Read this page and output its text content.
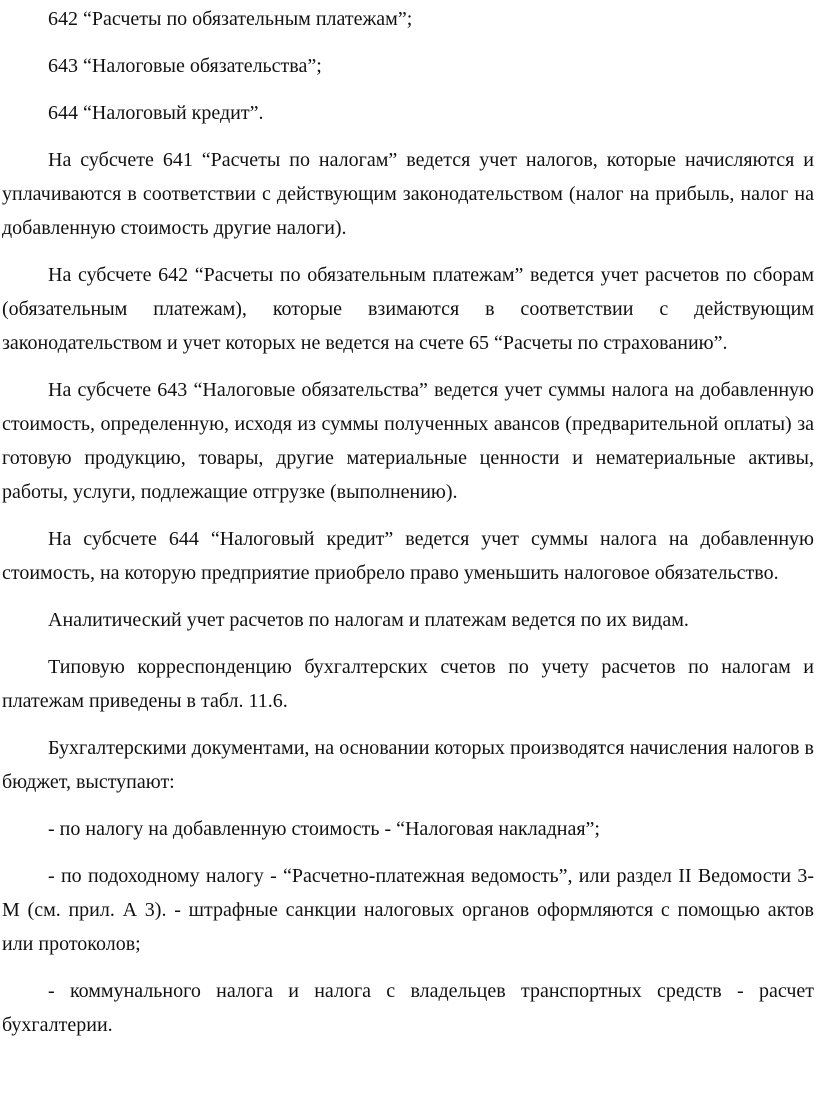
642 “Расчеты по обязательным платежам”;

643 “Налоговые обязательства”;

644 “Налоговый кредит”.

На субсчете 641 “Расчеты по налогам” ведется учет налогов, которые начисляются и уплачиваются в соответствии с действующим законодательством (налог на прибыль, налог на добавленную стоимость другие налоги).

На субсчете 642 “Расчеты по обязательным платежам” ведется учет расчетов по сборам (обязательным платежам), которые взимаются в соответствии с действующим законодательством и учет которых не ведется на счете 65 “Расчеты по страхованию”.

На субсчете 643 “Налоговые обязательства” ведется учет суммы налога на добавленную стоимость, определенную, исходя из суммы полученных авансов (предварительной оплаты) за готовую продукцию, товары, другие материальные ценности и нематериальные активы, работы, услуги, подлежащие отгрузке (выполнению).

На субсчете 644 “Налоговый кредит” ведется учет суммы налога на добавленную стоимость, на которую предприятие приобрело право уменьшить налоговое обязательство.

Аналитический учет расчетов по налогам и платежам ведется по их видам.

Типовую корреспонденцию бухгалтерских счетов по учету расчетов по налогам и платежам приведены в табл. 11.6.

Бухгалтерскими документами, на основании которых производятся начисления налогов в бюджет, выступают:

- по налогу на добавленную стоимость - “Налоговая накладная”;

- по подоходному налогу - “Расчетно-платежная ведомость”, или раздел II Ведомости 3-М (см. прил. А 3). - штрафные санкции налоговых органов оформляются с помощью актов или протоколов;

- коммунального налога и налога с владельцев транспортных средств - расчет бухгалтерии.
